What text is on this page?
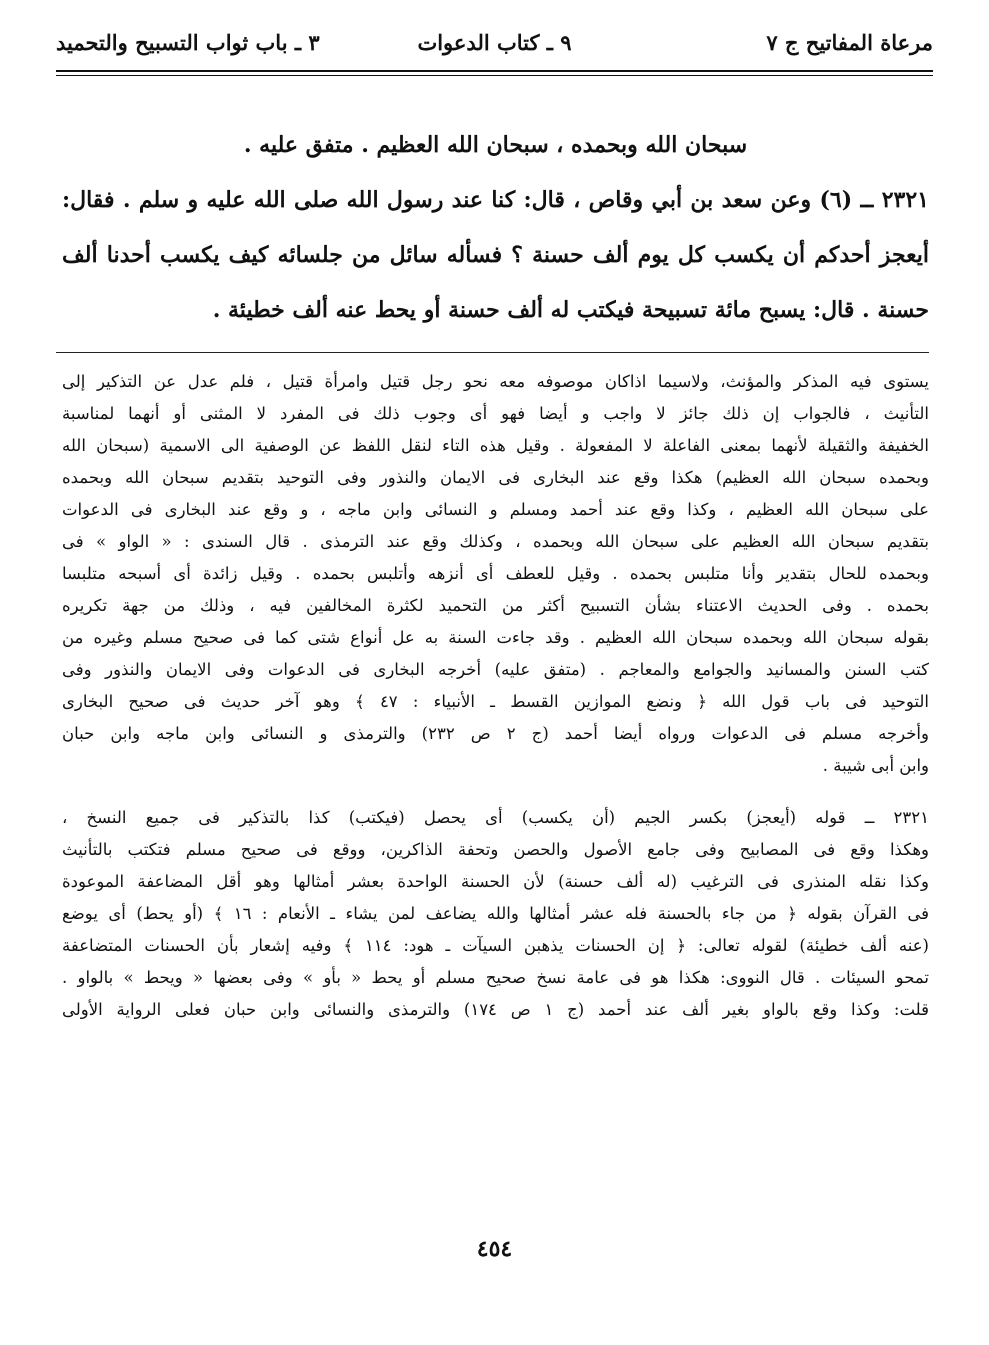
مرعاة المفاتيح ج ٧
٩ ـ كتاب الدعوات
٣ ـ باب ثواب التسبيح والتحميد
سبحان الله وبحمده ، سبحان الله العظيم . متفق عليه .
٢٣٢١ ــ (٦) وعن سعد بن أبي وقاص ، قال: كنا عند رسول الله صلى الله عليه و سلم . فقال:
أيعجز أحدكم أن يكسب كل يوم ألف حسنة ؟ فسأله سائل من جلسائه كيف يكسب أحدنا ألف
حسنة . قال: يسبح مائة تسبيحة فيكتب له ألف حسنة أو يحط عنه ألف خطيئة .
يستوى فيه المذكر والمؤنث، ولاسيما اذاكان موصوفه معه نحو رجل قتيل وامرأة قتيل ، فلم عدل عن التذكير إلى
التأنيث ، فالجواب إن ذلك جائز لا واجب و أيضا فهو أى وجوب ذلك فى المفرد لا المثنى أو أنهما لمناسبة
الخفيفة والثقيلة لأنهما بمعنى الفاعلة لا المفعولة . وقيل هذه التاء لنقل اللفظ عن الوصفية الى الاسمية (سبحان الله
وبحمده سبحان الله العظيم) هكذا وقع عند البخارى فى الايمان والنذور وفى التوحيد بتقديم سبحان الله وبحمده
على سبحان الله العظيم ، وكذا وقع عند أحمد ومسلم و النسائى وابن ماجه ، و وقع عند البخارى فى الدعوات
بتقديم سبحان الله العظيم على سبحان الله وبحمده ، وكذلك وقع عند الترمذى . قال السندى : « الواو » فى
وبحمده للحال بتقدير وأنا متلبس بحمده . وقيل للعطف أى أنزهه وأتلبس بحمده . وقيل زائدة أى أسبحه متلبسا
بحمده . وفى الحديث الاعتناء بشأن التسبيح أكثر من التحميد لكثرة المخالفين فيه ، وذلك من جهة تكريره
بقوله سبحان الله وبحمده سبحان الله العظيم . وقد جاءت السنة به عل أنواع شتى كما فى صحيح مسلم وغيره من
كتب السنن والمسانيد والجوامع والمعاجم . (متفق عليه) أخرجه البخارى فى الدعوات وفى الايمان والنذور وفى
التوحيد فى باب قول الله ﴿ ونضع الموازين القسط ـ الأنبياء : ٤٧ ﴾ وهو آخر حديث فى صحيح البخارى
وأخرجه مسلم فى الدعوات ورواه أيضا أحمد (ج ٢ ص ٢٣٢) والترمذى و النسائى وابن ماجه وابن حبان
وابن أبى شيبة .
٢٣٢١ ــ قوله (أيعجز) بكسر الجيم (أن يكسب) أى يحصل (فيكتب) كذا بالتذكير فى جميع النسخ ،
وهكذا وقع فى المصابيح وفى جامع الأصول والحصن وتحفة الذاكرين، ووقع فى صحيح مسلم فتكتب بالتأنيث
وكذا نقله المنذرى فى الترغيب (له ألف حسنة) لأن الحسنة الواحدة بعشر أمثالها وهو أقل المضاعفة الموعودة
فى القرآن بقوله ﴿ من جاء بالحسنة فله عشر أمثالها والله يضاعف لمن يشاء ـ الأنعام : ١٦ ﴾ (أو يحط) أى يوضع
(عنه ألف خطيئة) لقوله تعالى: ﴿ إن الحسنات يذهبن السيآت ـ هود: ١١٤ ﴾ وفيه إشعار بأن الحسنات المتضاعفة
تمحو السيئات . قال النووى: هكذا هو فى عامة نسخ صحيح مسلم أو يحط « بأو » وفى بعضها « ويحط » بالواو .
قلت: وكذا وقع بالواو بغير ألف عند أحمد (ج ١ ص ١٧٤) والترمذى والنسائى وابن حبان فعلى الرواية الأولى
٤٥٤
